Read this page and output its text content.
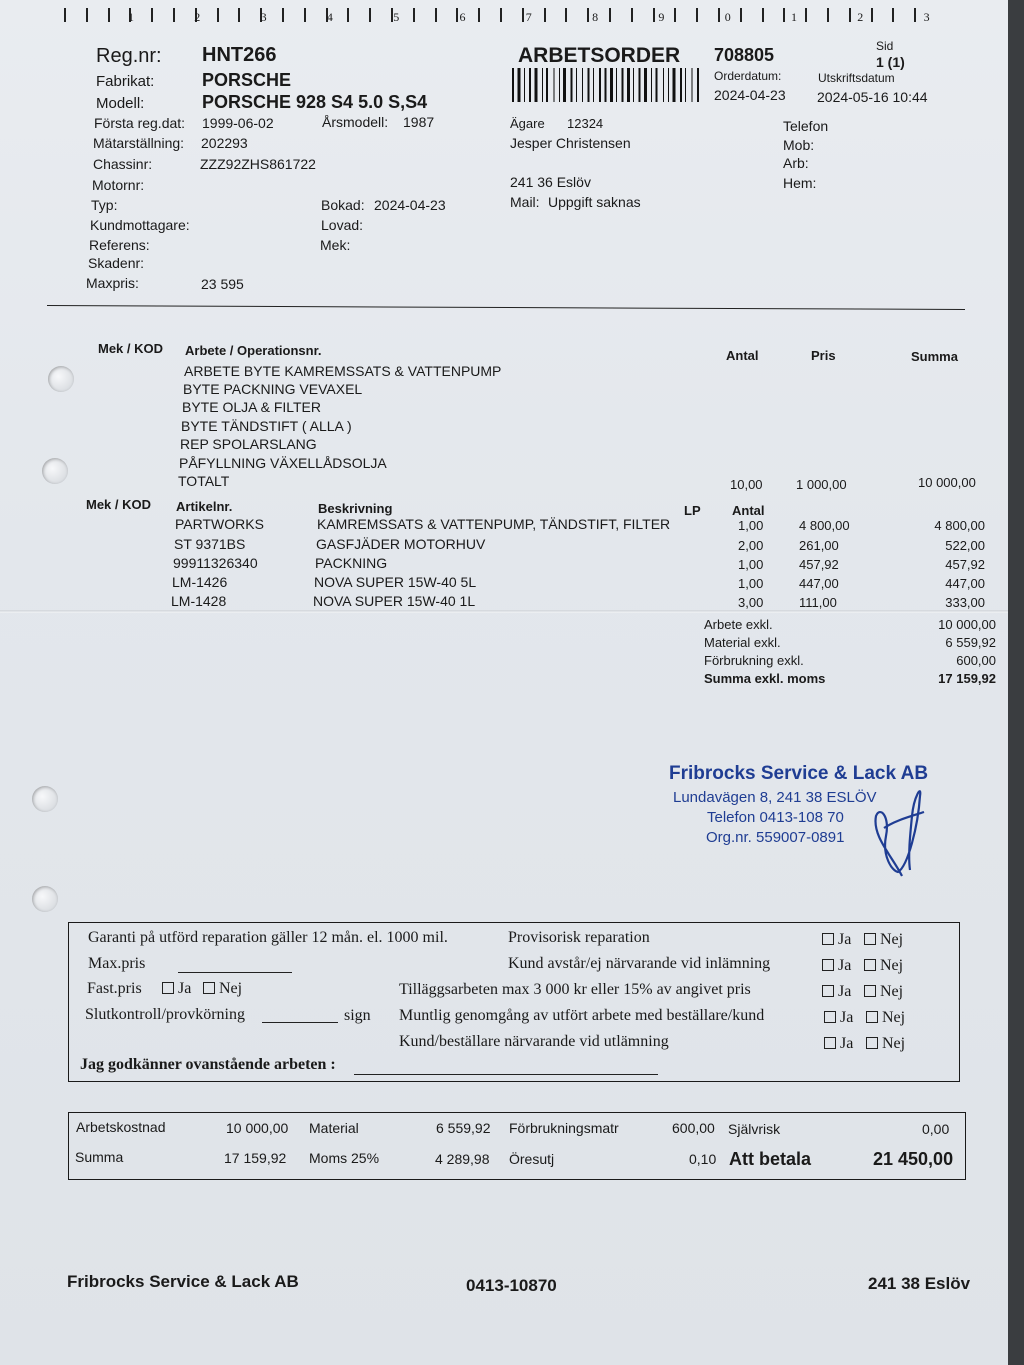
1	2	3	4	5	6	7	8	9	0	1	2	3
Reg.nr: HNT266
Fabrikat:	PORSCHE
Modell:	PORSCHE 928 S4 5.0 S,S4
Första reg.dat: 1999-06-02	Årsmodell: 1987
Mätarställning: 202293
Chassinr:	ZZZ92ZHS861722
Motornr:
Typ:	Bokad: 2024-04-23
Kundmottagare:	Lovad:
Referens:	Mek:
Skadenr:
Maxpris:	23 595
ARBETSORDER 708805	Sid
1 (1)
Orderdatum:	Utskriftsdatum
2024-04-23 2024-05-16 10:44
Ägare 12324
Jesper Christensen
241 36 Eslöv
Mail: Uppgift saknas
Telefon
Mob:
Arb:
Hem:
Mek / KOD Arbete / Operationsnr.	Antal	Pris	Summa
ARBETE BYTE KAMREMSSATS & VATTENPUMP
BYTE PACKNING VEVAXEL
BYTE OLJA & FILTER
BYTE TÄNDSTIFT ( ALLA )
REP SPOLARSLANG
PÅFYLLNING VÄXELLÅDSOLJA
TOTALT	10,00	1 000,00	10 000,00
Mek / KOD Artikelnr.	Beskrivning	LP Antal
PARTWORKS	KAMREMSSATS & VATTENPUMP, TÄNDSTIFT, FILTER	1,00	4 800,00	4 800,00
ST 9371BS	GASFJÄDER MOTORHUV	2,00	261,00	522,00
99911326340	PACKNING	1,00	457,92	457,92
LM-1426	NOVA SUPER 15W-40 5L	1,00	447,00	447,00
LM-1428	NOVA SUPER 15W-40 1L	3,00	111,00	333,00
Arbete exkl.	10 000,00
Material exkl.	6 559,92
Förbrukning exkl.	600,00
Summa exkl. moms	17 159,92
Fribrocks Service & Lack AB
Lundavägen 8, 241 38 ESLÖV
Telefon 0413-108 70
Org.nr. 559007-0891
Garanti på utförd reparation gäller 12 mån. el. 1000 mil.
Max.pris
Fast.pris	Ja	Nej
Slutkontroll/provkörning	sign
Jag godkänner ovanstående arbeten :
Provisorisk reparation	Ja	Nej
Kund avstår/ej närvarande vid inlämning	Ja	Nej
Tilläggsarbeten max 3 000 kr eller 15% av angivet pris	Ja	Nej
Muntlig genomgång av utfört arbete med beställare/kund	Ja	Nej
Kund/beställare närvarande vid utlämning	Ja	Nej
Arbetskostnad	10 000,00 Material	6 559,92 Förbrukningsmatr	600,00 Självrisk	0,00
Summa	17 159,92 Moms 25%	4 289,98 Öresutj	0,10 Att betala	21 450,00
Fribrocks Service & Lack AB	0413-10870	241 38 Eslöv
